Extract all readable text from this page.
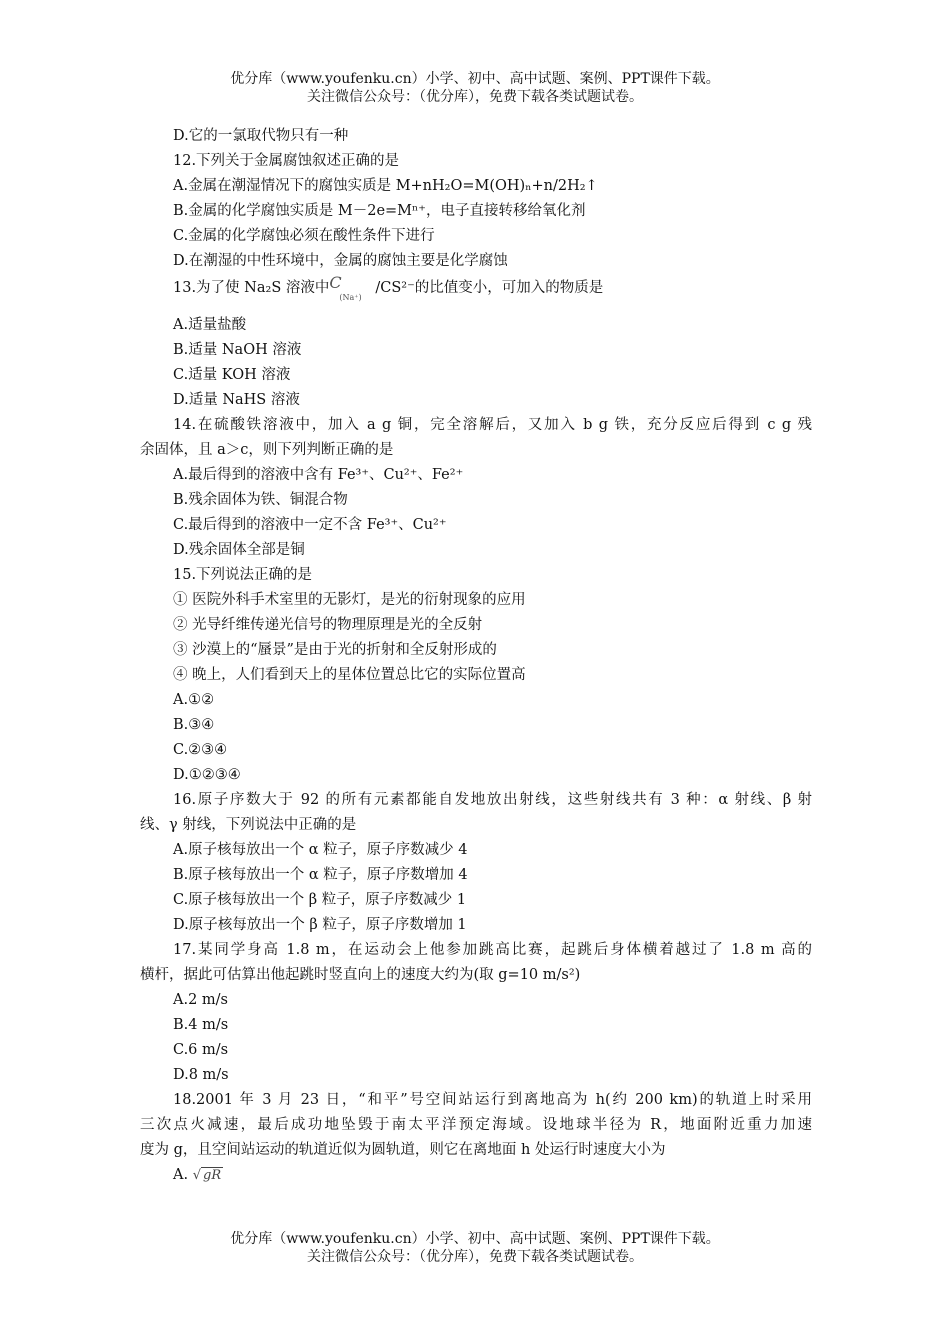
优分库（www.youfenku.cn）小学、初中、高中试题、案例、PPT课件下载。
关注微信公众号：（优分库），免费下载各类试题试卷。
D.它的一氯取代物只有一种
12.下列关于金属腐蚀叙述正确的是
A.金属在潮湿情况下的腐蚀实质是 M+nH₂O=M(OH)ₙ+n/2H₂↑
B.金属的化学腐蚀实质是 M－2e=Mⁿ⁺，电子直接转移给氧化剂
C.金属的化学腐蚀必须在酸性条件下进行
D.在潮湿的中性环境中，金属的腐蚀主要是化学腐蚀
13.为了使 Na₂S 溶液中 C
(Na⁺)
/CS²⁻的比值变小，可加入的物质是
A.适量盐酸
B.适量 NaOH 溶液
C.适量 KOH 溶液
D.适量 NaHS 溶液
14.在硫酸铁溶液中，加入 a g 铜，完全溶解后，又加入 b g 铁，充分反应后得到 c g 残
余固体，且 a＞c，则下列判断正确的是
A.最后得到的溶液中含有 Fe³⁺、Cu²⁺、Fe²⁺
B.残余固体为铁、铜混合物
C.最后得到的溶液中一定不含 Fe³⁺、Cu²⁺
D.残余固体全部是铜
15.下列说法正确的是
① 医院外科手术室里的无影灯，是光的衍射现象的应用
② 光导纤维传递光信号的物理原理是光的全反射
③ 沙漠上的“蜃景”是由于光的折射和全反射形成的
④ 晚上，人们看到天上的星体位置总比它的实际位置高
A.①②
B.③④
C.②③④
D.①②③④
16.原子序数大于 92 的所有元素都能自发地放出射线，这些射线共有 3 种：α 射线、β 射
线、γ 射线，下列说法中正确的是
A.原子核每放出一个 α 粒子，原子序数减少 4
B.原子核每放出一个 α 粒子，原子序数增加 4
C.原子核每放出一个 β 粒子，原子序数减少 1
D.原子核每放出一个 β 粒子，原子序数增加 1
17.某同学身高 1.8 m，在运动会上他参加跳高比赛，起跳后身体横着越过了 1.8 m 高的
横杆，据此可估算出他起跳时竖直向上的速度大约为(取 g=10 m/s²)
A.2 m/s
B.4 m/s
C.6 m/s
D.8 m/s
18.2001 年 3 月 23 日，“和平”号空间站运行到离地高为 h(约 200 km)的轨道上时采用
三次点火减速，最后成功地坠毁于南太平洋预定海域。设地球半径为 R，地面附近重力加速
度为 g，且空间站运动的轨道近似为圆轨道，则它在离地面 h 处运行时速度大小为
A. √ gR
优分库（www.youfenku.cn）小学、初中、高中试题、案例、PPT课件下载。
关注微信公众号：（优分库），免费下载各类试题试卷。
